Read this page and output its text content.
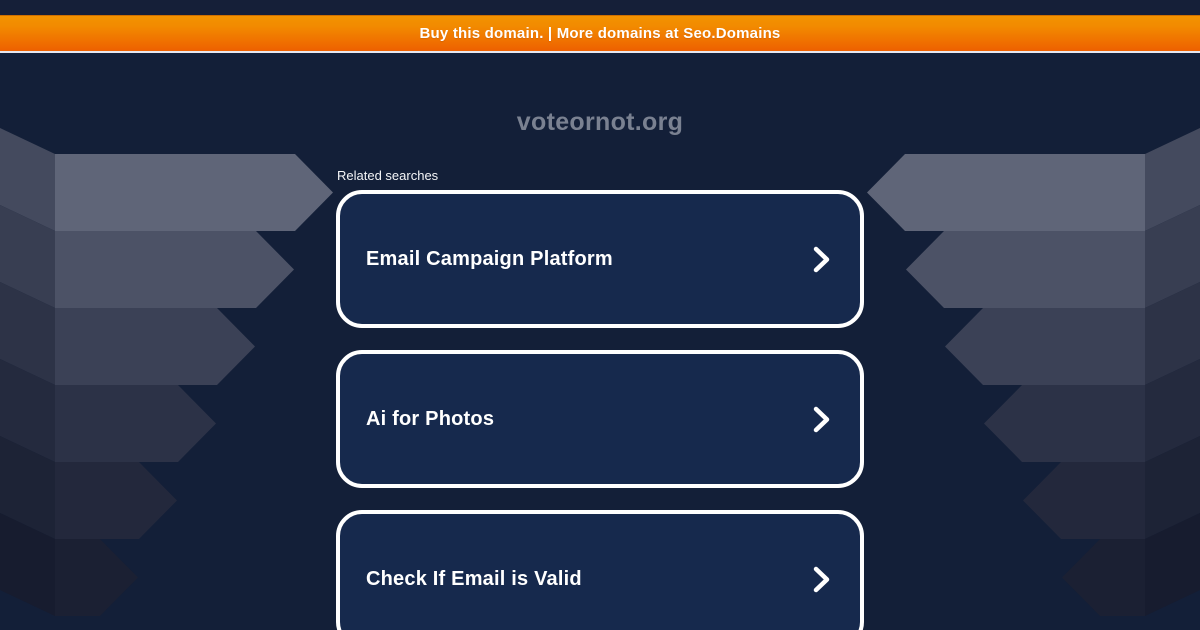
Buy this domain. | More domains at Seo.Domains
voteornot.org
Related searches
Email Campaign Platform
Ai for Photos
Check If Email is Valid
